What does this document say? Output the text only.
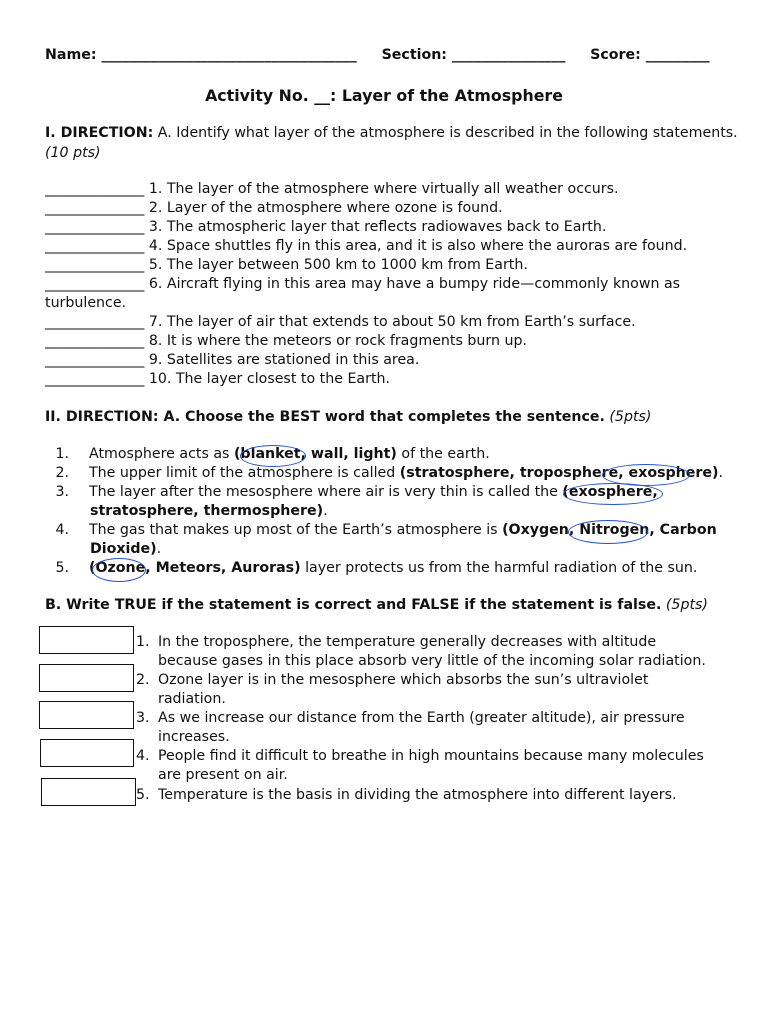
Name: ____________________________________ Section: ________________ Score: _________
Activity No. __: Layer of the Atmosphere
I. DIRECTION: A. Identify what layer of the atmosphere is described in the following statements.
(10 pts)
______________ 1. The layer of the atmosphere where virtually all weather occurs.
______________ 2. Layer of the atmosphere where ozone is found.
______________ 3. The atmospheric layer that reflects radiowaves back to Earth.
______________ 4. Space shuttles fly in this area, and it is also where the auroras are found.
______________ 5. The layer between 500 km to 1000 km from Earth.
______________ 6. Aircraft flying in this area may have a bumpy ride—commonly known as
______________ 7. The layer of air that extends to about 50 km from Earth’s surface.
______________ 8. It is where the meteors or rock fragments burn up.
______________ 9. Satellites are stationed in this area.
______________ 10. The layer closest to the Earth.
turbulence.
II. DIRECTION: A. Choose the BEST word that completes the sentence. (5pts)
1. Atmosphere acts as (blanket, wall, light) of the earth.
2. The upper limit of the atmosphere is called (stratosphere, troposphere, exosphere).
3. The layer after the mesosphere where air is very thin is called the (exosphere,
4. The gas that makes up most of the Earth’s atmosphere is (Oxygen, Nitrogen, Carbon
5. (Ozone, Meteors, Auroras) layer protects us from the harmful radiation of the sun.
stratosphere, thermosphere).
Dioxide).
B. Write TRUE if the statement is correct and FALSE if the statement is false. (5pts)
1. In the troposphere, the temperature generally decreases with altitude
because gases in this place absorb very little of the incoming solar radiation.
2. Ozone layer is in the mesosphere which absorbs the sun’s ultraviolet
radiation.
3. As we increase our distance from the Earth (greater altitude), air pressure
increases.
4. People find it difficult to breathe in high mountains because many molecules
are present on air.
5. Temperature is the basis in dividing the atmosphere into different layers.
